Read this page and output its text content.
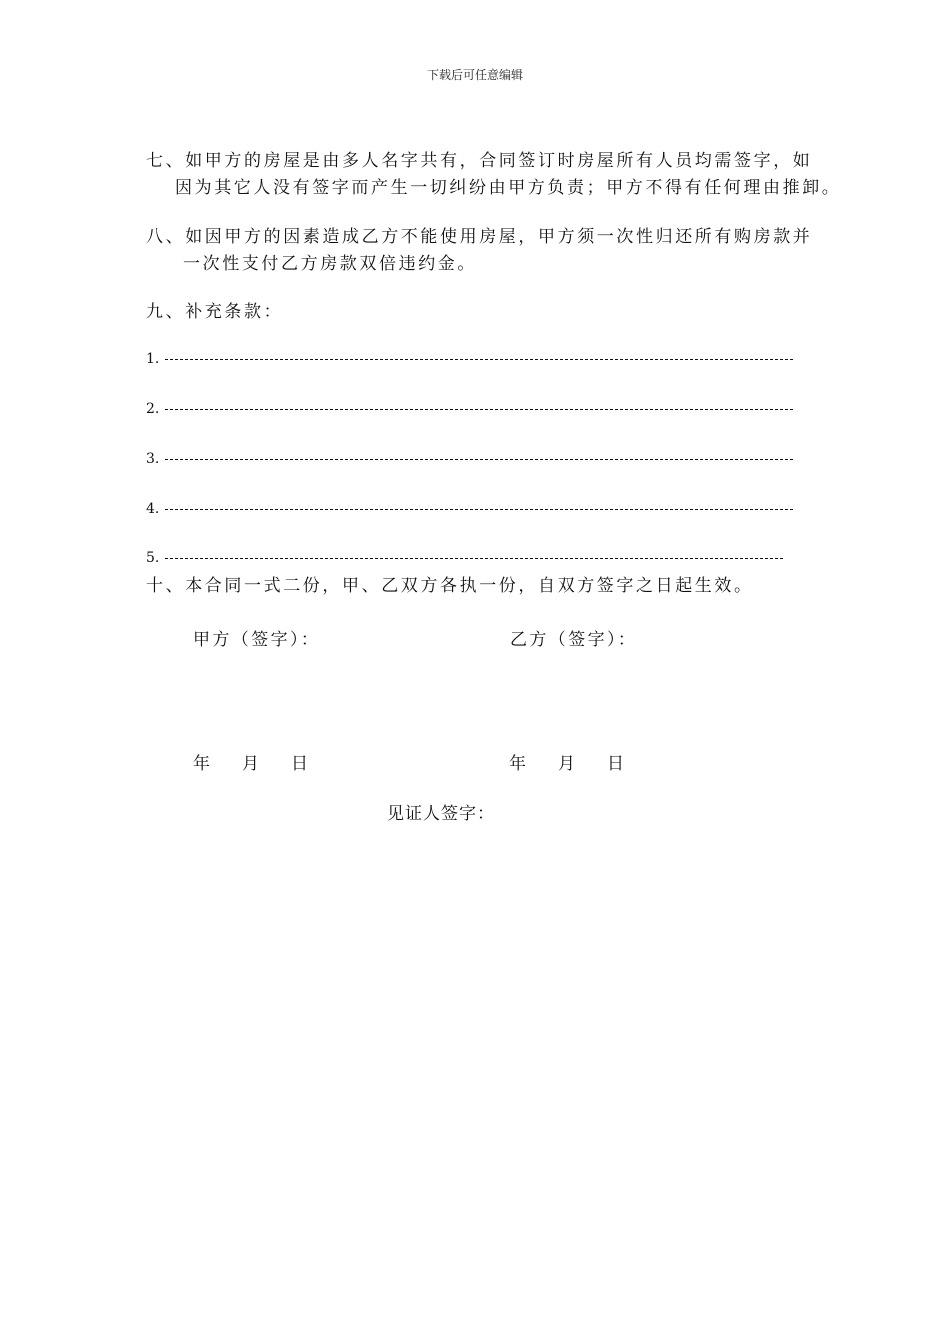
下载后可任意编辑
七、如甲方的房屋是由多人名字共有，合同签订时房屋所有人员均需签字，如
因为其它人没有签字而产生一切纠纷由甲方负责；甲方不得有任何理由推卸。
八、如因甲方的因素造成乙方不能使用房屋，甲方须一次性归还所有购房款并
一次性支付乙方房款双倍违约金。
九、补充条款：
1.
2.
3.
4.
5.
十、本合同一式二份，甲、乙双方各执一份，自双方签字之日起生效。
甲方（签字）：	乙方（签字）：
年 月 日	年 月 日
见证人签字：
